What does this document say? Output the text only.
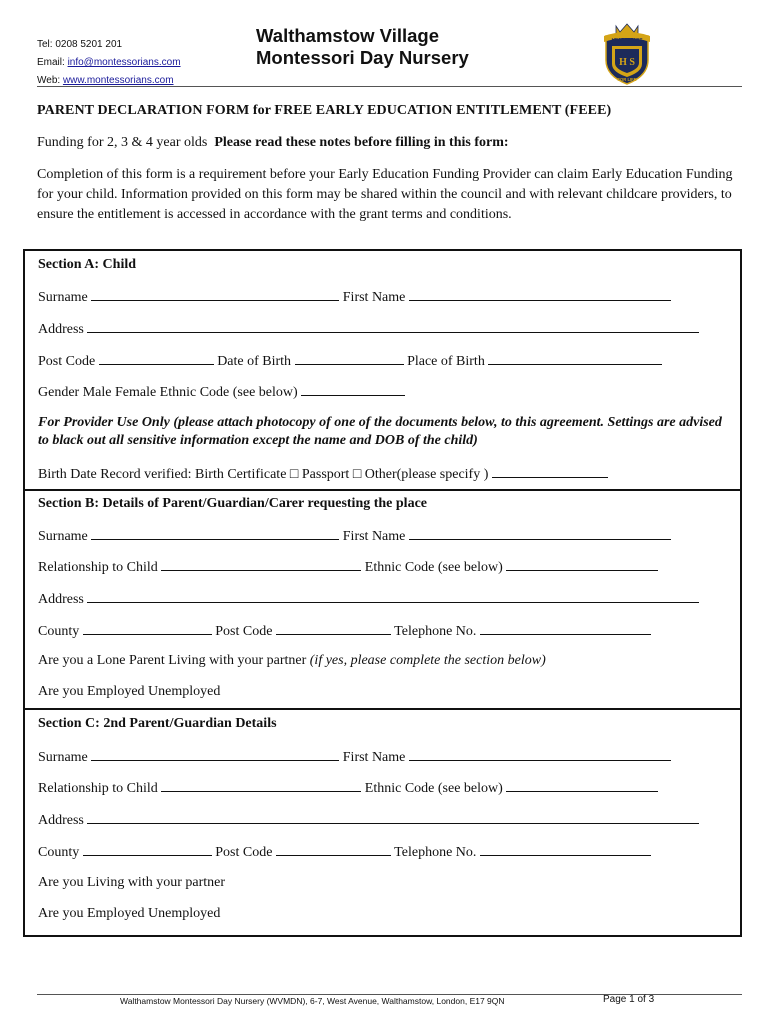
Tel: 0208 5201 201
Email: info@montessorians.com
Web: www.montessorians.com
Walthamstow Village
Montessori Day Nursery
HEARTSTART
H S
FOR LIFE
PARENT DECLARATION FORM for FREE EARLY EDUCATION ENTITLEMENT (FEEE)
Funding for 2, 3 & 4 year olds Please read these notes before filling in this form:
Completion of this form is a requirement before your Early Education Funding Provider can claim Early Education Funding for your child. Information provided on this form may be shared within the council and with relevant childcare providers, to ensure the entitlement is accessed in accordance with the grant terms and conditions.
Section A: Child
Surname	First Name
Address
Post Code	Date of Birth	Place of Birth
Gender Male Female Ethnic Code (see below)
For Provider Use Only (please attach photocopy of one of the documents below, to this agreement. Settings are advised to black out all sensitive information except the name and DOB of the child)
Birth Date Record verified: Birth Certificate □ Passport □ Other(please specify )
Section B: Details of Parent/Guardian/Carer requesting the place
Surname	First Name
Relationship to Child	Ethnic Code (see below)
Address
County	Post Code	Telephone No.
Are you a Lone Parent Living with your partner (if yes, please complete the section below)
Are you Employed Unemployed
Section C: 2nd Parent/Guardian Details
Surname	First Name
Relationship to Child	Ethnic Code (see below)
Address
County	Post Code	Telephone No.
Are you Living with your partner
Are you Employed Unemployed
Walthamstow Montessori Day Nursery (WVMDN), 6-7, West Avenue, Walthamstow, London, E17 9QN	Page 1 of 3
